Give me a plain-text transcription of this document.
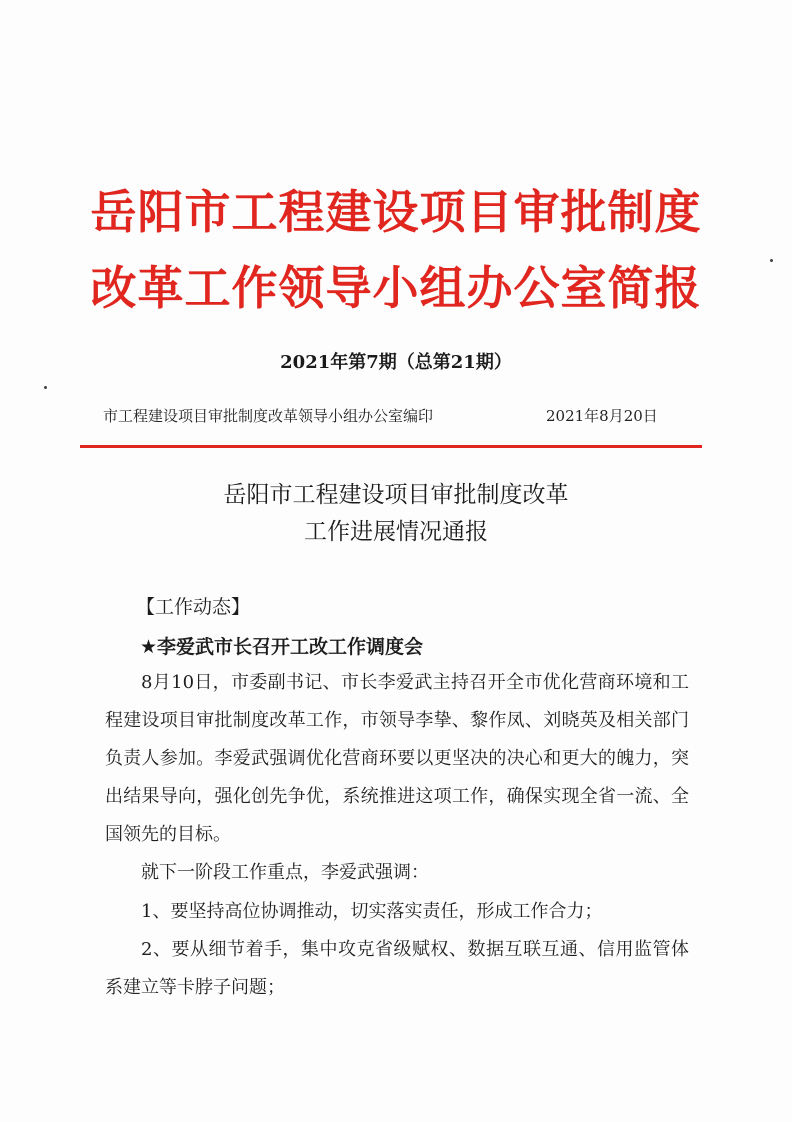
岳阳市工程建设项目审批制度
改革工作领导小组办公室简报
2021年第7期（总第21期）
市工程建设项目审批制度改革领导小组办公室编印	2021年8月20日
岳阳市工程建设项目审批制度改革
工作进展情况通报
【工作动态】
★李爱武市长召开工改工作调度会

8月10日，市委副书记、市长李爱武主持召开全市优化营商环境和工程建设项目审批制度改革工作，市领导李挚、黎作凤、刘晓英及相关部门负责人参加。李爱武强调优化营商环要以更坚决的决心和更大的魄力，突出结果导向，强化创先争优，系统推进这项工作，确保实现全省一流、全国领先的目标。

就下一阶段工作重点，李爱武强调：

1、要坚持高位协调推动，切实落实责任，形成工作合力；

2、要从细节着手，集中攻克省级赋权、数据互联互通、信用监管体系建立等卡脖子问题；
